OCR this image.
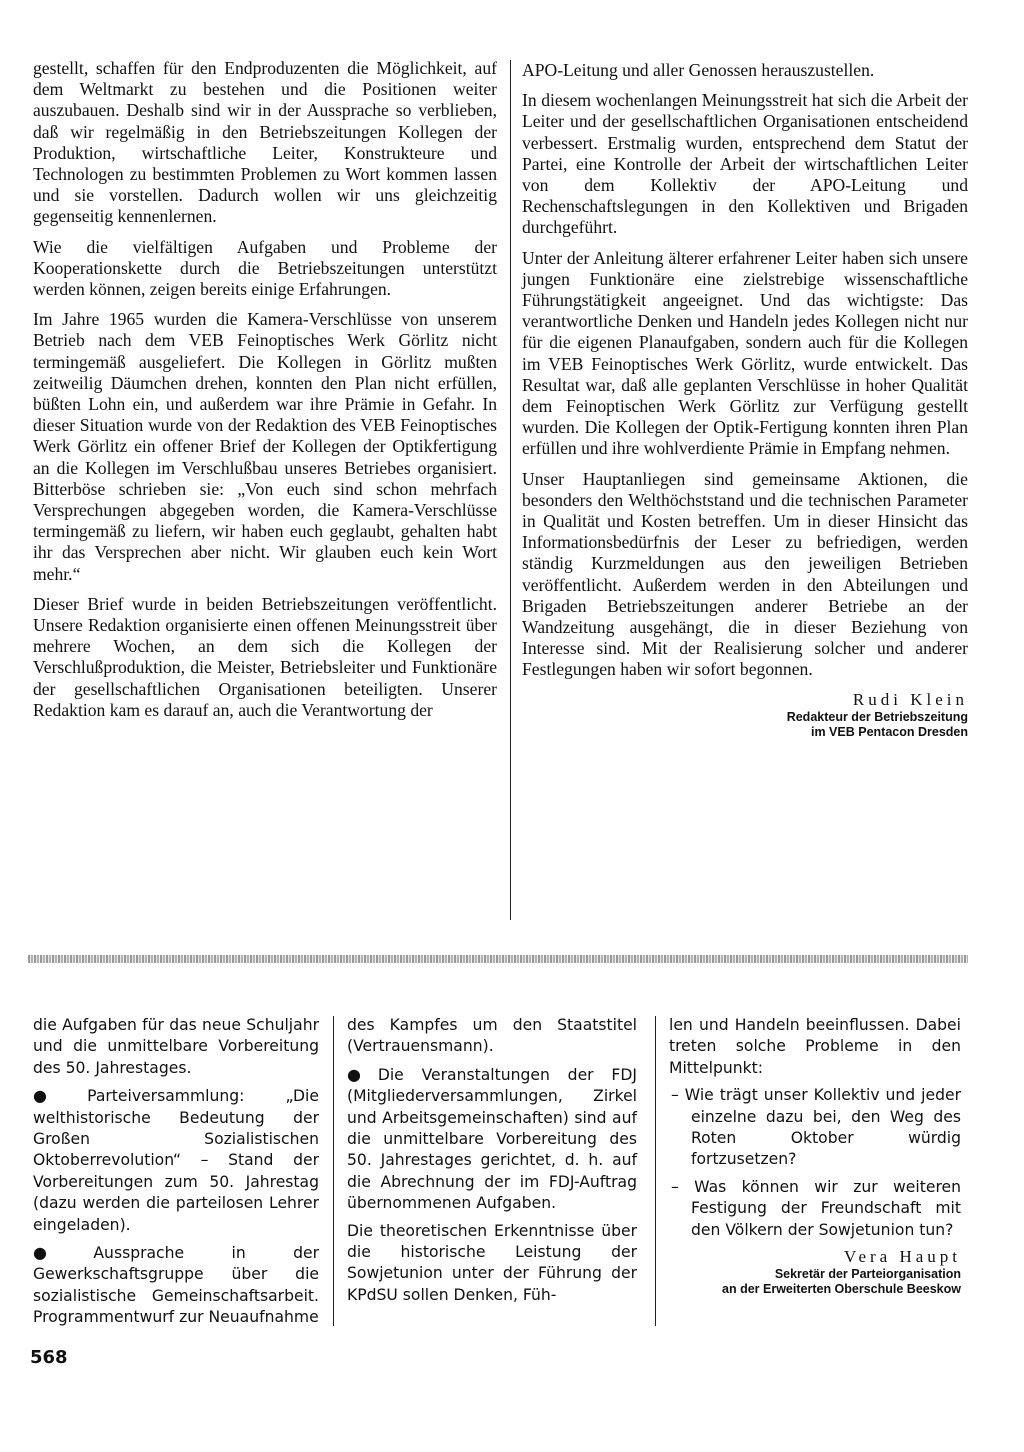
gestellt, schaffen für den Endproduzenten die Möglichkeit, auf dem Weltmarkt zu bestehen und die Positionen weiter auszubauen. Deshalb sind wir in der Aussprache so verblieben, daß wir regelmäßig in den Betriebszeitungen Kollegen der Produktion, wirtschaftliche Leiter, Konstrukteure und Technologen zu bestimmten Problemen zu Wort kommen lassen und sie vorstellen. Dadurch wollen wir uns gleichzeitig gegenseitig kennenlernen.

Wie die vielfältigen Aufgaben und Probleme der Kooperationskette durch die Betriebszeitungen unterstützt werden können, zeigen bereits einige Erfahrungen.

Im Jahre 1965 wurden die Kamera-Verschlüsse von unserem Betrieb nach dem VEB Feinoptisches Werk Görlitz nicht termingemäß ausgeliefert. Die Kollegen in Görlitz mußten zeitweilig Däumchen drehen, konnten den Plan nicht erfüllen, büßten Lohn ein, und außerdem war ihre Prämie in Gefahr. In dieser Situation wurde von der Redaktion des VEB Feinoptisches Werk Görlitz ein offener Brief der Kollegen der Optikfertigung an die Kollegen im Verschlußbau unseres Betriebes organisiert. Bitterböse schrieben sie: „Von euch sind schon mehrfach Versprechungen abgegeben worden, die Kamera-Verschlüsse termingemäß zu liefern, wir haben euch geglaubt, gehalten habt ihr das Versprechen aber nicht. Wir glauben euch kein Wort mehr.“

Dieser Brief wurde in beiden Betriebszeitungen veröffentlicht. Unsere Redaktion organisierte einen offenen Meinungsstreit über mehrere Wochen, an dem sich die Kollegen der Verschlußproduktion, die Meister, Betriebsleiter und Funktionäre der gesellschaftlichen Organisationen beteiligten. Unserer Redaktion kam es darauf an, auch die Verantwortung der

APO-Leitung und aller Genossen herauszustellen.

In diesem wochenlangen Meinungsstreit hat sich die Arbeit der Leiter und der gesellschaftlichen Organisationen entscheidend verbessert. Erstmalig wurden, entsprechend dem Statut der Partei, eine Kontrolle der Arbeit der wirtschaftlichen Leiter von dem Kollektiv der APO-Leitung und Rechenschaftslegungen in den Kollektiven und Brigaden durchgeführt.

Unter der Anleitung älterer erfahrener Leiter haben sich unsere jungen Funktionäre eine zielstrebige wissenschaftliche Führungstätigkeit angeeignet. Und das wichtigste: Das verantwortliche Denken und Handeln jedes Kollegen nicht nur für die eigenen Planaufgaben, sondern auch für die Kollegen im VEB Feinoptisches Werk Görlitz, wurde entwickelt. Das Resultat war, daß alle geplanten Verschlüsse in hoher Qualität dem Feinoptischen Werk Görlitz zur Verfügung gestellt wurden. Die Kollegen der Optik-Fertigung konnten ihren Plan erfüllen und ihre wohlverdiente Prämie in Empfang nehmen.

Unser Hauptanliegen sind gemeinsame Aktionen, die besonders den Welthöchststand und die technischen Parameter in Qualität und Kosten betreffen. Um in dieser Hinsicht das Informationsbedürfnis der Leser zu befriedigen, werden ständig Kurzmeldungen aus den jeweiligen Betrieben veröffentlicht. Außerdem werden in den Abteilungen und Brigaden Betriebszeitungen anderer Betriebe an der Wandzeitung ausgehängt, die in dieser Beziehung von Interesse sind. Mit der Realisierung solcher und anderer Festlegungen haben wir sofort begonnen.

Rudi Klein
Redakteur der Betriebszeitung
im VEB Pentacon Dresden

die Aufgaben für das neue Schuljahr und die unmittelbare Vorbereitung des 50. Jahrestages.

● Parteiversammlung: „Die welthistorische Bedeutung der Großen Sozialistischen Oktoberrevolution“ – Stand der Vorbereitungen zum 50. Jahrestag (dazu werden die parteilosen Lehrer eingeladen).

● Aussprache in der Gewerkschaftsgruppe über die sozialistische Gemeinschaftsarbeit. Programmentwurf zur Neuaufnahme

des Kampfes um den Staatstitel (Vertrauensmann).

● Die Veranstaltungen der FDJ (Mitgliederversammlungen, Zirkel und Arbeitsgemeinschaften) sind auf die unmittelbare Vorbereitung des 50. Jahrestages gerichtet, d. h. auf die Abrechnung der im FDJ-Auftrag übernommenen Aufgaben.

Die theoretischen Erkenntnisse über die historische Leistung der Sowjetunion unter der Führung der KPdSU sollen Denken, Füh-

len und Handeln beeinflussen. Dabei treten solche Probleme in den Mittelpunkt:

– Wie trägt unser Kollektiv und jeder einzelne dazu bei, den Weg des Roten Oktober würdig fortzusetzen?

– Was können wir zur weiteren Festigung der Freundschaft mit den Völkern der Sowjetunion tun?

Vera Haupt
Sekretär der Parteiorganisation
an der Erweiterten Oberschule Beeskow
568
